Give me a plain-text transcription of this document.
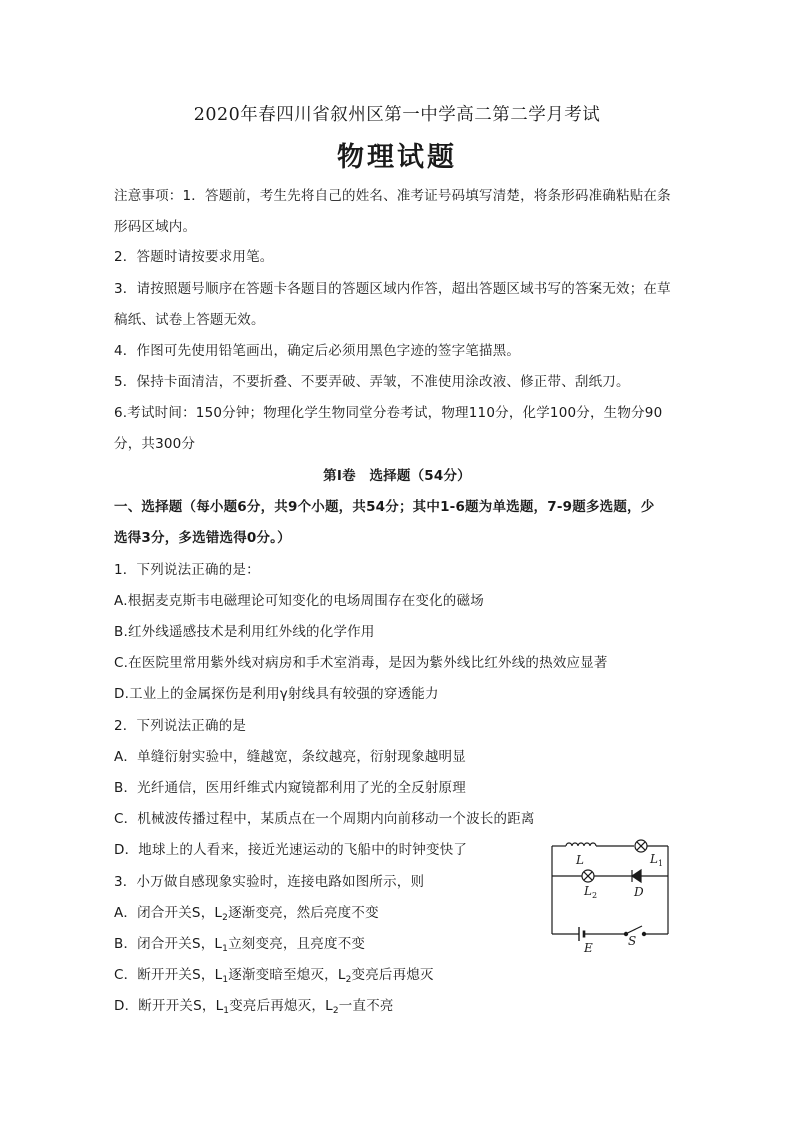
2020年春四川省叙州区第一中学高二第二学月考试
物理试题
注意事项：1．答题前，考生先将自己的姓名、准考证号码填写清楚，将条形码准确粘贴在条
形码区域内。
2．答题时请按要求用笔。
3．请按照题号顺序在答题卡各题目的答题区域内作答，超出答题区域书写的答案无效；在草
稿纸、试卷上答题无效。
4．作图可先使用铅笔画出，确定后必须用黑色字迹的签字笔描黑。
5．保持卡面清洁，不要折叠、不要弄破、弄皱，不准使用涂改液、修正带、刮纸刀。
6.考试时间：150分钟；物理化学生物同堂分卷考试，物理110分，化学100分，生物分90
分，共300分
第Ⅰ卷　选择题（54分）
一、选择题（每小题6分，共9个小题，共54分；其中1-6题为单选题，7-9题多选题，少
选得3分，多选错选得0分。）
1．下列说法正确的是：
A.根据麦克斯韦电磁理论可知变化的电场周围存在变化的磁场
B.红外线遥感技术是利用红外线的化学作用
C.在医院里常用紫外线对病房和手术室消毒，是因为紫外线比红外线的热效应显著
D.工业上的金属探伤是利用γ射线具有较强的穿透能力
2．下列说法正确的是
A．单缝衍射实验中，缝越宽，条纹越亮，衍射现象越明显
B．光纤通信，医用纤维式内窥镜都利用了光的全反射原理
C．机械波传播过程中，某质点在一个周期内向前移动一个波长的距离
D．地球上的人看来，接近光速运动的飞船中的时钟变快了
3．小万做自感现象实验时，连接电路如图所示，则
A．闭合开关S，$L_2$逐渐变亮，然后亮度不变
B．闭合开关S，$L_1$立刻变亮，且亮度不变
C．断开开关S，$L_1$逐渐变暗至熄灭，$L_2$变亮后再熄灭
D．断开开关S，$L_1$变亮后再熄灭，$L_2$一直不亮
L	$L_1$
$L_2$	D
E	S
